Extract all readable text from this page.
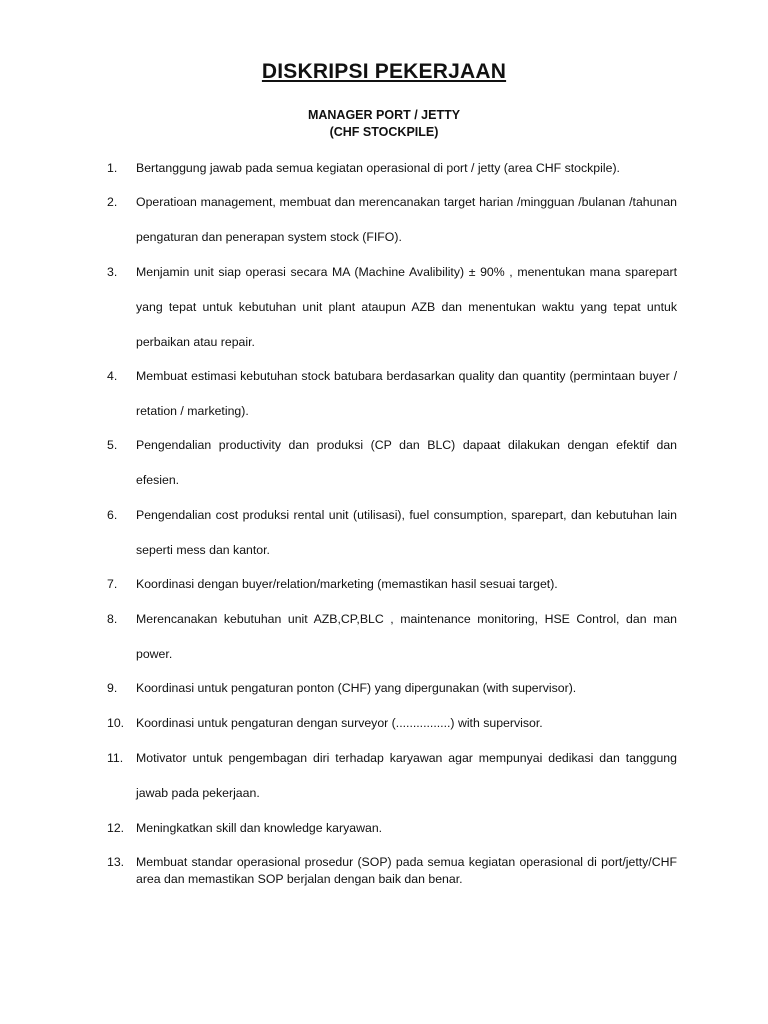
DISKRIPSI PEKERJAAN
MANAGER PORT / JETTY
(CHF STOCKPILE)
1.	Bertanggung jawab pada semua kegiatan operasional di port / jetty (area CHF stockpile).
2.	Operatioan management, membuat dan merencanakan target harian /mingguan /bulanan /tahunan pengaturan dan penerapan system stock (FIFO).
3.	Menjamin unit siap operasi secara MA (Machine Avalibility) ± 90% , menentukan mana sparepart yang tepat untuk kebutuhan unit plant ataupun AZB dan menentukan waktu yang tepat untuk perbaikan atau repair.
4.	Membuat estimasi kebutuhan stock batubara berdasarkan quality dan quantity (permintaan buyer / retation / marketing).
5.	Pengendalian productivity dan produksi (CP dan BLC) dapaat dilakukan dengan efektif dan efesien.
6.	Pengendalian cost produksi rental unit (utilisasi), fuel consumption, sparepart, dan kebutuhan lain seperti mess dan kantor.
7.	Koordinasi dengan buyer/relation/marketing (memastikan hasil sesuai target).
8.	Merencanakan kebutuhan unit AZB,CP,BLC , maintenance monitoring, HSE Control, dan man power.
9.	Koordinasi untuk pengaturan ponton (CHF) yang dipergunakan (with supervisor).
10. Koordinasi untuk pengaturan dengan surveyor (................) with supervisor.
11.	Motivator untuk pengembagan diri terhadap karyawan agar mempunyai dedikasi dan tanggung jawab pada pekerjaan.
12. Meningkatkan skill dan knowledge karyawan.
13. Membuat standar operasional prosedur (SOP) pada semua kegiatan operasional di port/jetty/CHF area dan memastikan SOP berjalan dengan baik dan benar.
